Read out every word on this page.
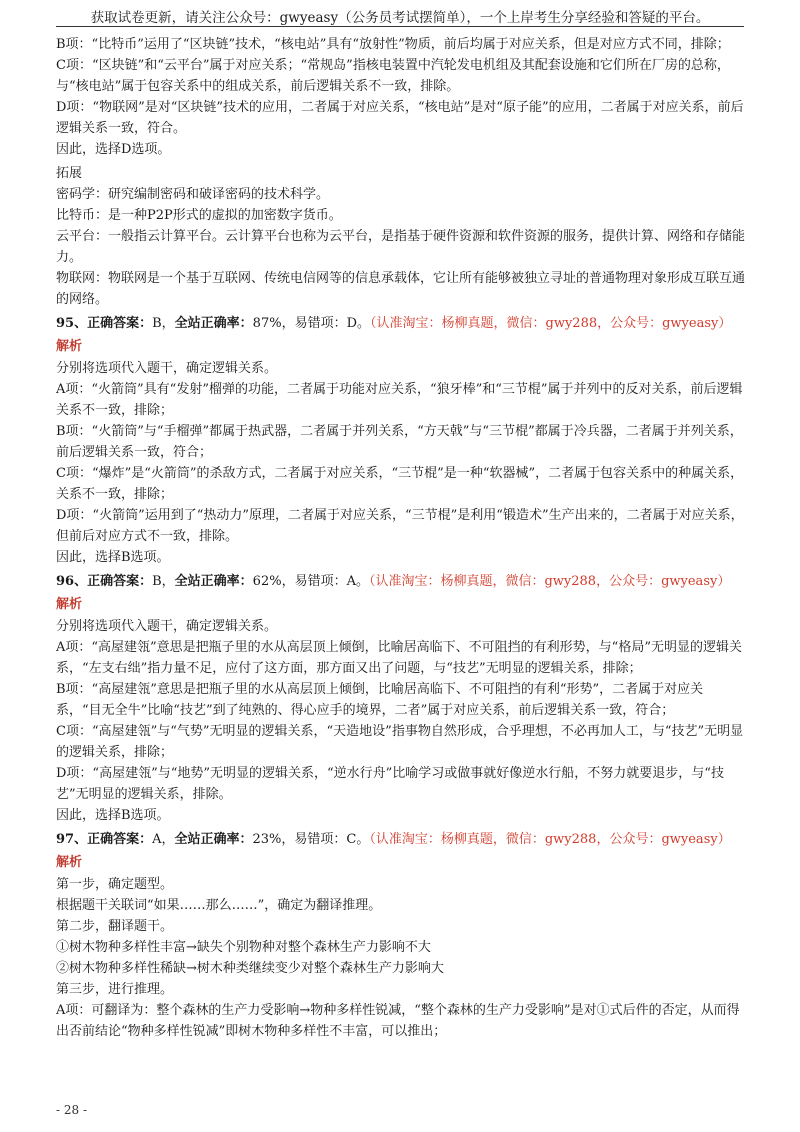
获取试卷更新，请关注公众号：gwyeasy（公务员考试摆简单），一个上岸考生分享经验和答疑的平台。

B项：“比特币”运用了“区块链”技术，“核电站”具有“放射性”物质，前后均属于对应关系，但是对应方式不同，排除；

C项：“区块链”和“云平台”属于对应关系；“常规岛”指核电装置中汽轮发电机组及其配套设施和它们所在厂房的总称，与“核电站”属于包容关系中的组成关系，前后逻辑关系不一致，排除。

D项：“物联网”是对“区块链”技术的应用，二者属于对应关系，“核电站”是对“原子能”的应用，二者属于对应关系，前后逻辑关系一致，符合。

因此，选择D选项。

拓展

密码学：研究编制密码和破译密码的技术科学。

比特币：是一种P2P形式的虚拟的加密数字货币。

云平台：一般指云计算平台。云计算平台也称为云平台，是指基于硬件资源和软件资源的服务，提供计算、网络和存储能力。

物联网：物联网是一个基于互联网、传统电信网等的信息承载体，它让所有能够被独立寻址的普通物理对象形成互联互通的网络。

95、正确答案：B，全站正确率：87%，易错项：D。（认准淘宝：杨柳真题，微信：gwy288，公众号：gwyeasy）

解析

分别将选项代入题干，确定逻辑关系。

A项：“火箭筒”具有“发射”榴弹的功能，二者属于功能对应关系，“狼牙棒”和“三节棍”属于并列中的反对关系，前后逻辑关系不一致，排除；

B项：“火箭筒”与“手榴弹”都属于热武器，二者属于并列关系，“方天戟”与“三节棍”都属于冷兵器，二者属于并列关系，前后逻辑关系一致，符合；

C项：“爆炸”是“火箭筒”的杀敌方式，二者属于对应关系，“三节棍”是一种“软器械”，二者属于包容关系中的种属关系，关系不一致，排除；

D项：“火箭筒”运用到了“热动力”原理，二者属于对应关系，“三节棍”是利用“锻造术”生产出来的，二者属于对应关系，但前后对应方式不一致，排除。

因此，选择B选项。

96、正确答案：B，全站正确率：62%，易错项：A。（认准淘宝：杨柳真题，微信：gwy288，公众号：gwyeasy）

解析

分别将选项代入题干，确定逻辑关系。

A项：“高屋建瓴”意思是把瓶子里的水从高层顶上倾倒，比喻居高临下、不可阻挡的有利形势，与“格局”无明显的逻辑关系，“左支右绌”指力量不足，应付了这方面，那方面又出了问题，与“技艺”无明显的逻辑关系，排除；

B项：“高屋建瓴”意思是把瓶子里的水从高层顶上倾倒，比喻居高临下、不可阻挡的有利“形势”，二者属于对应关系，“目无全牛”比喻“技艺”到了纯熟的、得心应手的境界，二者”属于对应关系，前后逻辑关系一致，符合；

C项：“高屋建瓴”与“气势”无明显的逻辑关系，“天造地设”指事物自然形成，合乎理想，不必再加人工，与“技艺”无明显的逻辑关系，排除；

D项：“高屋建瓴”与“地势”无明显的逻辑关系，“逆水行舟”比喻学习或做事就好像逆水行船，不努力就要退步，与“技艺”无明显的逻辑关系，排除。

因此，选择B选项。

97、正确答案：A，全站正确率：23%，易错项：C。（认准淘宝：杨柳真题，微信：gwy288，公众号：gwyeasy）

解析

第一步，确定题型。

根据题干关联词“如果……那么……”，确定为翻译推理。

第二步，翻译题干。

①树木物种多样性丰富→缺失个别物种对整个森林生产力影响不大

②树木物种多样性稀缺→树木种类继续变少对整个森林生产力影响大

第三步，进行推理。

A项：可翻译为：整个森林的生产力受影响→物种多样性锐减，“整个森林的生产力受影响”是对①式后件的否定，从而得出否前结论“物种多样性锐减”即树木物种多样性不丰富，可以推出；

- 28 -
